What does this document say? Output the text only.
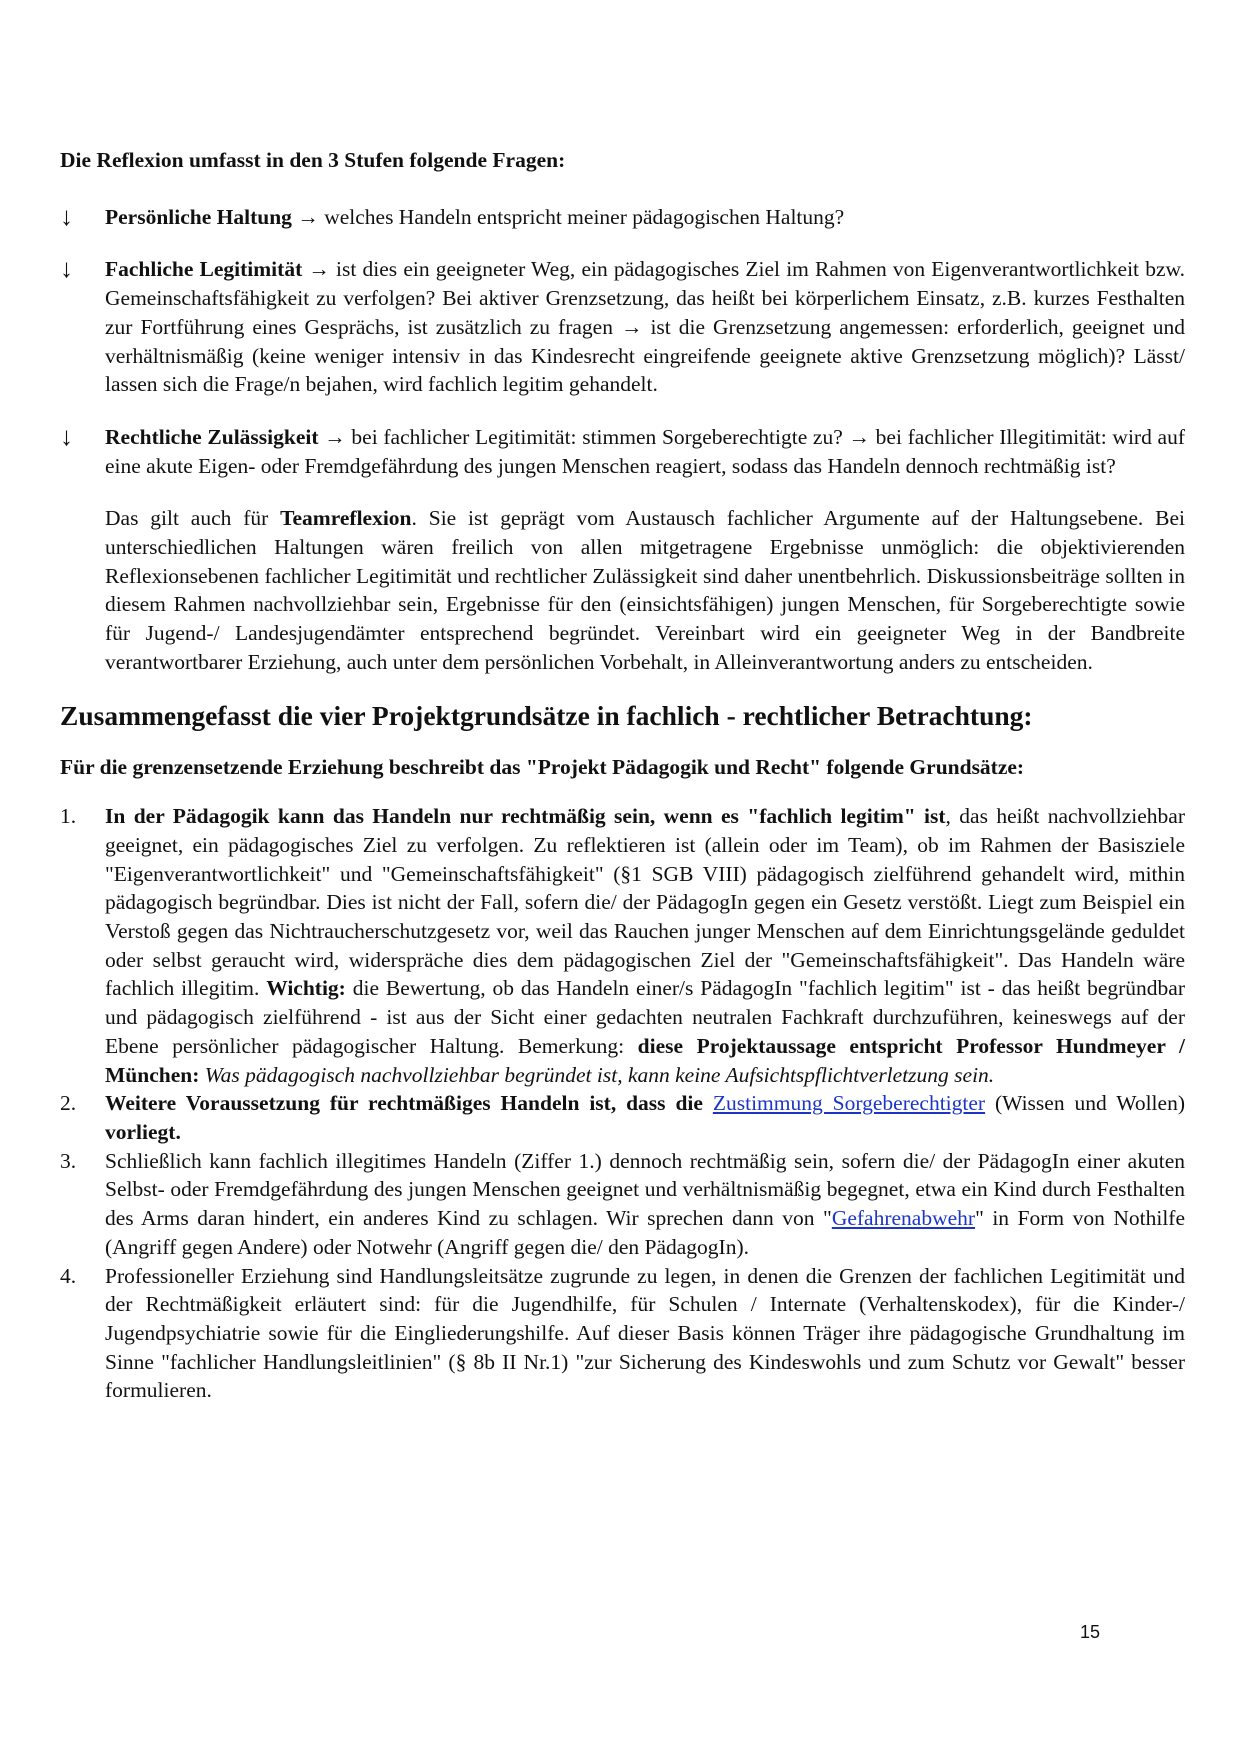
Die Reflexion umfasst in den 3 Stufen folgende Fragen:

↓	Persönliche Haltung → welches Handeln entspricht meiner pädagogischen Haltung?

↓	Fachliche Legitimität → ist dies ein geeigneter Weg, ein pädagogisches Ziel im Rahmen von Eigenverantwortlichkeit bzw. Gemeinschaftsfähigkeit zu verfolgen? Bei aktiver Grenzsetzung, das heißt bei körperlichem Einsatz, z.B. kurzes Festhalten zur Fortführung eines Gesprächs, ist zusätzlich zu fragen → ist die Grenzsetzung angemessen: erforderlich, geeignet und verhältnismäßig (keine weniger intensiv in das Kindesrecht eingreifende geeignete aktive Grenzsetzung möglich)? Lässt/ lassen sich die Frage/n bejahen, wird fachlich legitim gehandelt.

↓	Rechtliche Zulässigkeit → bei fachlicher Legitimität: stimmen Sorgeberechtigte zu? → bei fachlicher Illegitimität: wird auf eine akute Eigen- oder Fremdgefährdung des jungen Menschen reagiert, sodass das Handeln dennoch rechtmäßig ist?

Das gilt auch für Teamreflexion. Sie ist geprägt vom Austausch fachlicher Argumente auf der Haltungsebene. Bei unterschiedlichen Haltungen wären freilich von allen mitgetragene Ergebnisse unmöglich: die objektivierenden Reflexionsebenen fachlicher Legitimität und rechtlicher Zulässigkeit sind daher unentbehrlich. Diskussionsbeiträge sollten in diesem Rahmen nachvollziehbar sein, Ergebnisse für den (einsichtsfähigen) jungen Menschen, für Sorgeberechtigte sowie für Jugend-/ Landesjugendämter entsprechend begründet. Vereinbart wird ein geeigneter Weg in der Bandbreite verantwortbarer Erziehung, auch unter dem persönlichen Vorbehalt, in Alleinverantwortung anders zu entscheiden.

Zusammengefasst die vier Projektgrundsätze in fachlich - rechtlicher Betrachtung:

Für die grenzensetzende Erziehung beschreibt das "Projekt Pädagogik und Recht" folgende Grundsätze:

1. In der Pädagogik kann das Handeln nur rechtmäßig sein, wenn es "fachlich legitim" ist, das heißt nachvollziehbar geeignet, ein pädagogisches Ziel zu verfolgen. Zu reflektieren ist (allein oder im Team), ob im Rahmen der Basisziele "Eigenverantwortlichkeit" und "Gemeinschaftsfähigkeit" (§1 SGB VIII) pädagogisch zielführend gehandelt wird, mithin pädagogisch begründbar. Dies ist nicht der Fall, sofern die/ der PädagogIn gegen ein Gesetz verstößt. Liegt zum Beispiel ein Verstoß gegen das Nichtraucherschutzgesetz vor, weil das Rauchen junger Menschen auf dem Einrichtungsgelände geduldet oder selbst geraucht wird, widerspräche dies dem pädagogischen Ziel der "Gemeinschaftsfähigkeit". Das Handeln wäre fachlich illegitim. Wichtig: die Bewertung, ob das Handeln einer/s PädagogIn "fachlich legitim" ist - das heißt begründbar und pädagogisch zielführend - ist aus der Sicht einer gedachten neutralen Fachkraft durchzuführen, keineswegs auf der Ebene persönlicher pädagogischer Haltung. Bemerkung: diese Projektaussage entspricht Professor Hundmeyer / München: Was pädagogisch nachvollziehbar begründet ist, kann keine Aufsichtspflichtverletzung sein.
2. Weitere Voraussetzung für rechtmäßiges Handeln ist, dass die Zustimmung Sorgeberechtigter (Wissen und Wollen) vorliegt.
3. Schließlich kann fachlich illegitimes Handeln (Ziffer 1.) dennoch rechtmäßig sein, sofern die/ der PädagogIn einer akuten Selbst- oder Fremdgefährdung des jungen Menschen geeignet und verhältnismäßig begegnet, etwa ein Kind durch Festhalten des Arms daran hindert, ein anderes Kind zu schlagen. Wir sprechen dann von "Gefahrenabwehr" in Form von Nothilfe (Angriff gegen Andere) oder Notwehr (Angriff gegen die/ den PädagogIn).
4. Professioneller Erziehung sind Handlungsleitsätze zugrunde zu legen, in denen die Grenzen der fachlichen Legitimität und der Rechtmäßigkeit erläutert sind: für die Jugendhilfe, für Schulen / Internate (Verhaltenskodex), für die Kinder-/ Jugendpsychiatrie sowie für die Eingliederungshilfe. Auf dieser Basis können Träger ihre pädagogische Grundhaltung im Sinne "fachlicher Handlungsleitlinien" (§ 8b II Nr.1) "zur Sicherung des Kindeswohls und zum Schutz vor Gewalt" besser formulieren.
15
